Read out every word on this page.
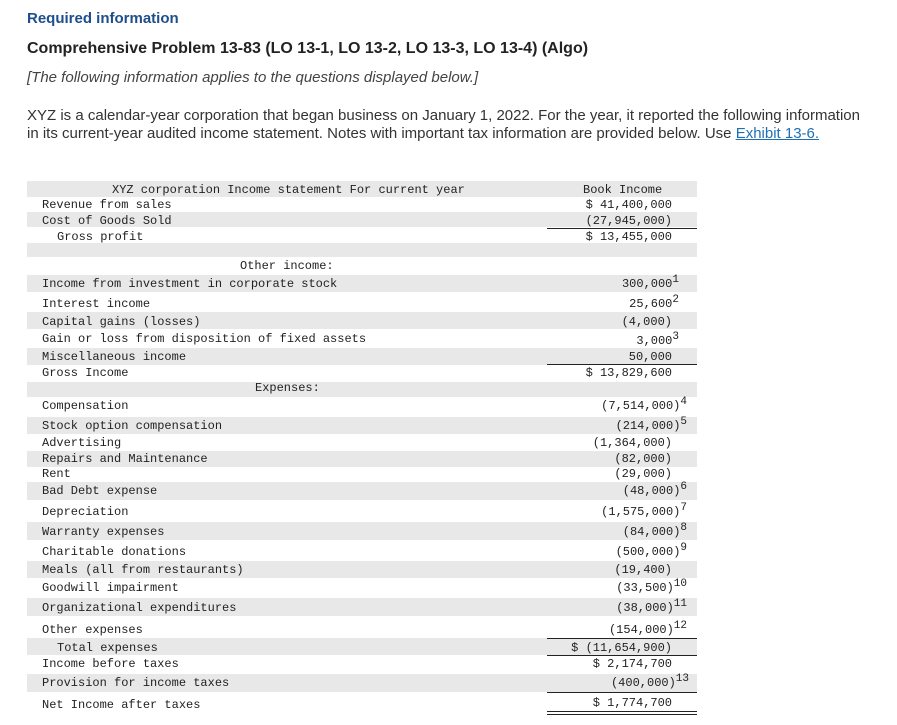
Required information
Comprehensive Problem 13-83 (LO 13-1, LO 13-2, LO 13-3, LO 13-4) (Algo)
[The following information applies to the questions displayed below.]
XYZ is a calendar-year corporation that began business on January 1, 2022. For the year, it reported the following information in its current-year audited income statement. Notes with important tax information are provided below. Use Exhibit 13-6.
XYZ corporation Income statement For current year	Book Income
Revenue from sales	$ 41,400,000
Cost of Goods Sold	(27,945,000)
Gross profit	$ 13,455,000
Other income:
Income from investment in corporate stock	300,000$^1$
Interest income	25,600$^2$
Capital gains (losses)	(4,000)
Gain or loss from disposition of fixed assets	3,000$^3$
Miscellaneous income	50,000
Gross Income	$ 13,829,600
Expenses:
Compensation	$(7,514,000)^4$
Stock option compensation	$(214,000)^5$
Advertising	(1,364,000)
Repairs and Maintenance	(82,000)
Rent	(29,000)
Bad Debt expense	$(48,000)^6$
Depreciation	$(1,575,000)^7$
Warranty expenses	$(84,000)^8$
Charitable donations	$(500,000)^9$
Meals (all from restaurants)	(19,400)
Goodwill impairment	$(33,500)^{10}$
Organizational expenditures	$(38,000)^{11}$
Other expenses	$(154,000)^{12}$
Total expenses	$ (11,654,900)
Income before taxes	$ 2,174,700
Provision for income taxes	$(400,000)^{13}$
Net Income after taxes	$ 1,774,700
